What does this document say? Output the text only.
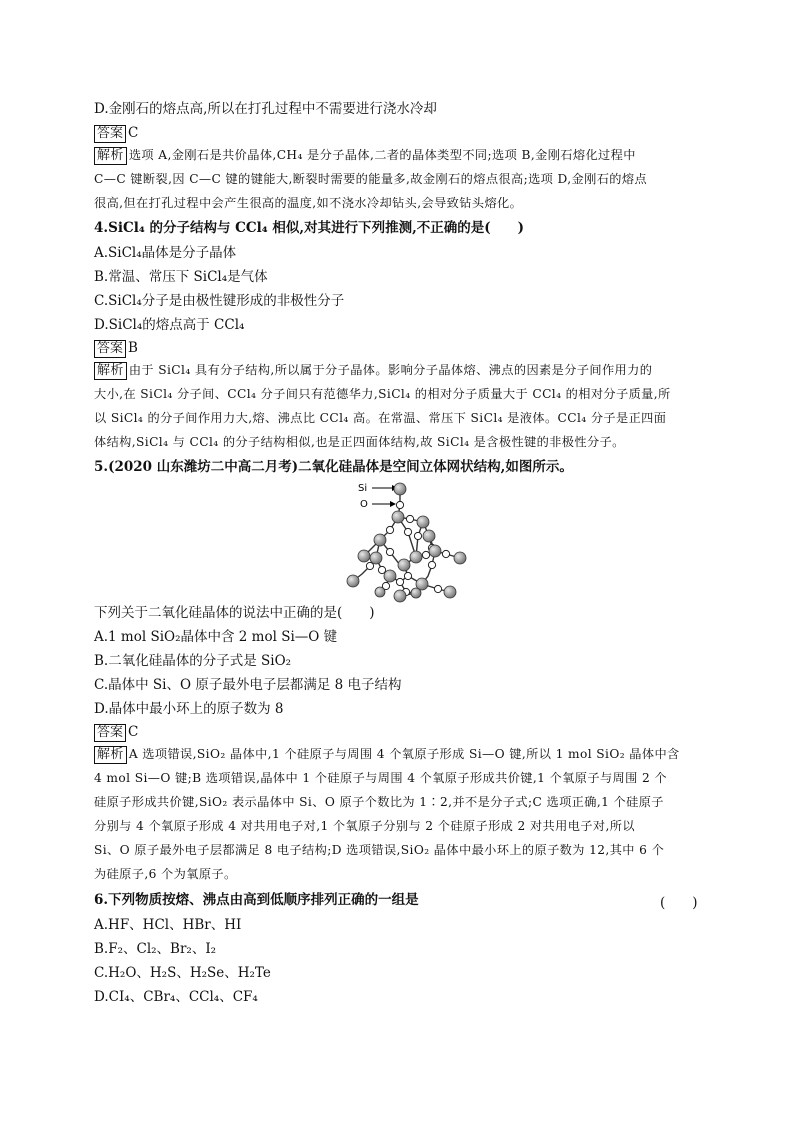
D.金刚石的熔点高,所以在打孔过程中不需要进行浇水冷却
答案 C
解析 选项 A,金刚石是共价晶体,CH₄ 是分子晶体,二者的晶体类型不同;选项 B,金刚石熔化过程中
C—C 键断裂,因 C—C 键的键能大,断裂时需要的能量多,故金刚石的熔点很高;选项 D,金刚石的熔点
很高,但在打孔过程中会产生很高的温度,如不浇水冷却钻头,会导致钻头熔化。
4.SiCl₄ 的分子结构与 CCl₄ 相似,对其进行下列推测,不正确的是(　　)
A.SiCl₄晶体是分子晶体
B.常温、常压下 SiCl₄是气体
C.SiCl₄分子是由极性键形成的非极性分子
D.SiCl₄的熔点高于 CCl₄
答案 B
解析 由于 SiCl₄ 具有分子结构,所以属于分子晶体。影响分子晶体熔、沸点的因素是分子间作用力的
大小,在 SiCl₄ 分子间、CCl₄ 分子间只有范德华力,SiCl₄ 的相对分子质量大于 CCl₄ 的相对分子质量,所
以 SiCl₄ 的分子间作用力大,熔、沸点比 CCl₄ 高。在常温、常压下 SiCl₄ 是液体。CCl₄ 分子是正四面
体结构,SiCl₄ 与 CCl₄ 的分子结构相似,也是正四面体结构,故 SiCl₄ 是含极性键的非极性分子。
5.(2020 山东潍坊二中高二月考)二氧化硅晶体是空间立体网状结构,如图所示。
Si
O
下列关于二氧化硅晶体的说法中正确的是(　　)
A.1 mol SiO₂晶体中含 2 mol Si—O 键
B.二氧化硅晶体的分子式是 SiO₂
C.晶体中 Si、O 原子最外电子层都满足 8 电子结构
D.晶体中最小环上的原子数为 8
答案 C
解析 A 选项错误,SiO₂ 晶体中,1 个硅原子与周围 4 个氧原子形成 Si—O 键,所以 1 mol SiO₂ 晶体中含
4 mol Si—O 键;B 选项错误,晶体中 1 个硅原子与周围 4 个氧原子形成共价键,1 个氧原子与周围 2 个
硅原子形成共价键,SiO₂ 表示晶体中 Si、O 原子个数比为 1∶2,并不是分子式;C 选项正确,1 个硅原子
分别与 4 个氧原子形成 4 对共用电子对,1 个氧原子分别与 2 个硅原子形成 2 对共用电子对,所以
Si、O 原子最外电子层都满足 8 电子结构;D 选项错误,SiO₂ 晶体中最小环上的原子数为 12,其中 6 个
为硅原子,6 个为氧原子。
6.下列物质按熔、沸点由高到低顺序排列正确的一组是	(　　)
A.HF、HCl、HBr、HI
B.F₂、Cl₂、Br₂、I₂
C.H₂O、H₂S、H₂Se、H₂Te
D.CI₄、CBr₄、CCl₄、CF₄
